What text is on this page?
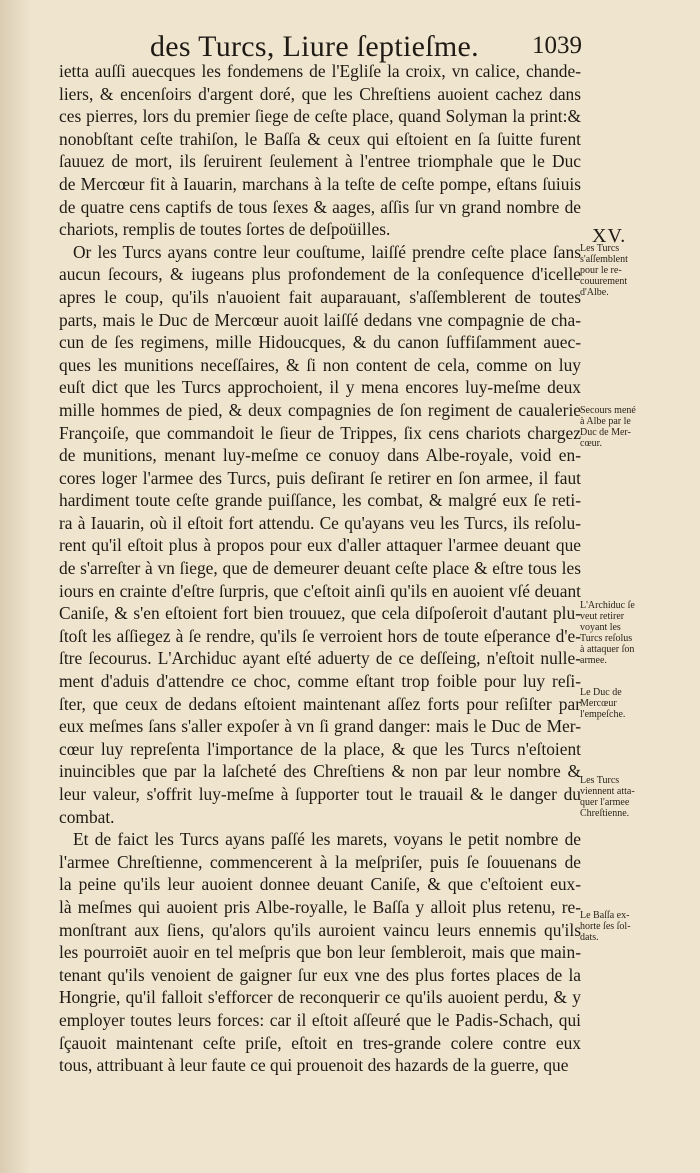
des Turcs, Liure ſeptieſme. 1039
XV.
ietta auſſi auecques les fondemens de l'Egliſe la croix, vn calice, chande-
liers, & encenſoirs d'argent doré, que les Chreſtiens auoient cachez dans
ces pierres, lors du premier ſiege de ceſte place, quand Solyman la print:&
nonobſtant ceſte trahiſon, le Baſſa & ceux qui eſtoient en ſa ſuitte furent
ſauuez de mort, ils ſeruirent ſeulement à l'entree triomphale que le Duc
de Mercœur fit à Iauarin, marchans à la teſte de ceſte pompe, eſtans ſuiuis
de quatre cens captifs de tous ſexes & aages, aſſis ſur vn grand nombre de
chariots, remplis de toutes ſortes de deſpoüilles.
Or les Turcs ayans contre leur couſtume, laiſſé prendre ceſte place ſans
aucun ſecours, & iugeans plus profondement de la conſequence d'icelle
apres le coup, qu'ils n'auoient fait auparauant, s'aſſemblerent de toutes
parts, mais le Duc de Mercœur auoit laiſſé dedans vne compagnie de cha-
cun de ſes regimens, mille Hidoucques, & du canon ſuffiſamment auec-
ques les munitions neceſſaires, & ſi non content de cela, comme on luy
euſt dict que les Turcs approchoient, il y mena encores luy-meſme deux
mille hommes de pied, & deux compagnies de ſon regiment de caualerie
Françoiſe, que commandoit le ſieur de Trippes, ſix cens chariots chargez
de munitions, menant luy-meſme ce conuoy dans Albe-royale, void en-
cores loger l'armee des Turcs, puis deſirant ſe retirer en ſon armee, il faut
hardiment toute ceſte grande puiſſance, les combat, & malgré eux ſe reti-
ra à Iauarin, où il eſtoit fort attendu. Ce qu'ayans veu les Turcs, ils reſolu-
rent qu'il eſtoit plus à propos pour eux d'aller attaquer l'armee deuant que
de s'arreſter à vn ſiege, que de demeurer deuant ceſte place & eſtre tous les
iours en crainte d'eſtre ſurpris, que c'eſtoit ainſi qu'ils en auoient vſé deuant
Caniſe, & s'en eſtoient fort bien trouuez, que cela diſpoſeroit d'autant plu-
ſtoſt les aſſiegez à ſe rendre, qu'ils ſe verroient hors de toute eſperance d'e-
ſtre ſecourus. L'Archiduc ayant eſté aduerty de ce deſſeing, n'eſtoit nulle-
ment d'aduis d'attendre ce choc, comme eſtant trop foible pour luy reſi-
ſter, que ceux de dedans eſtoient maintenant aſſez forts pour reſiſter par
eux meſmes ſans s'aller expoſer à vn ſi grand danger: mais le Duc de Mer-
cœur luy repreſenta l'importance de la place, & que les Turcs n'eſtoient
inuincibles que par la laſcheté des Chreſtiens & non par leur nombre &
leur valeur, s'offrit luy-meſme à ſupporter tout le trauail & le danger du
combat.
Et de faict les Turcs ayans paſſé les marets, voyans le petit nombre de
l'armee Chreſtienne, commencerent à la meſpriſer, puis ſe ſouuenans de
la peine qu'ils leur auoient donnee deuant Caniſe, & que c'eſtoient eux-
là meſmes qui auoient pris Albe-royalle, le Baſſa y alloit plus retenu, re-
monſtrant aux ſiens, qu'alors qu'ils auroient vaincu leurs ennemis qu'ils
les pourroiēt auoir en tel meſpris que bon leur ſembleroit, mais que main-
tenant qu'ils venoient de gaigner ſur eux vne des plus fortes places de la
Hongrie, qu'il falloit s'efforcer de reconquerir ce qu'ils auoient perdu, & y
employer toutes leurs forces: car il eſtoit aſſeuré que le Padis-Schach, qui
ſçauoit maintenant ceſte priſe, eſtoit en tres-grande colere contre eux
tous, attribuant à leur faute ce qui prouenoit des hazards de la guerre, que
Les Turcs
s'aſſemblent
pour le re-
couurement
d'Albe.
Secours mené
à Albe par le
Duc de Mer-
cœur.
L'Archiduc ſe
veut retirer
voyant les
Turcs reſolus
à attaquer ſon
armee.
Le Duc de
Mercœur
l'empeſche.
Les Turcs
viennent atta-
quer l'armee
Chreſtienne.
Le Baſſa ex-
horte ſes ſol-
dats.
